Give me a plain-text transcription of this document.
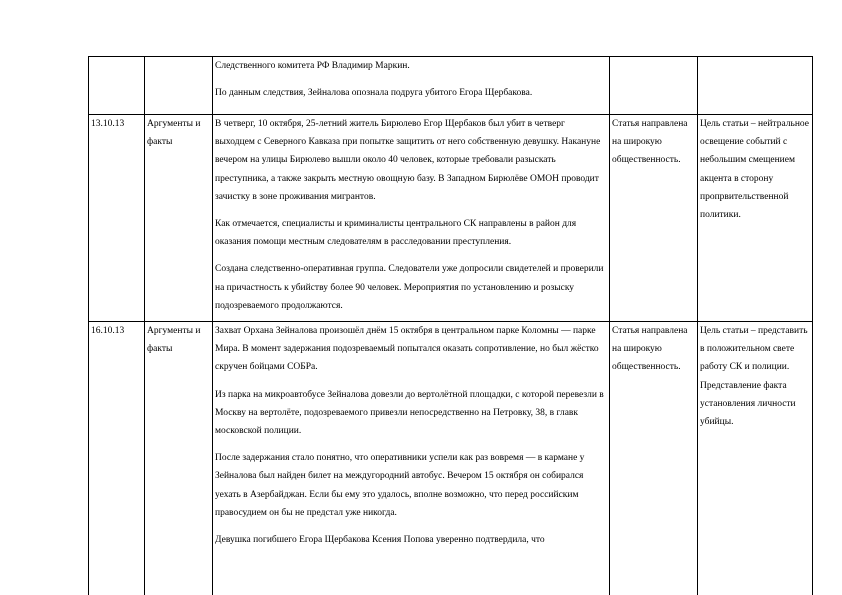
		Следственного комитета РФ Владимир Маркин.

По данным следствия, Зейналова опознала подруга убитого Егора Щербакова.		

13.10.13	Аргументы и факты	В четверг, 10 октября, 25-летний житель Бирюлево Егор Щербаков был убит в четверг выходцем с Северного Кавказа при попытке защитить от него собственную девушку. Накануне вечером на улицы Бирюлево вышли около 40 человек, которые требовали разыскать преступника, а также закрыть местную овощную базу. В Западном Бирюлёве ОМОН проводит зачистку в зоне проживания мигрантов.

Как отмечается, специалисты и криминалисты центрального СК направлены в район для оказания помощи местным следователям в расследовании преступления.

Создана следственно-оперативная группа. Следователи уже допросили свидетелей и проверили на причастность к убийству более 90 человек. Мероприятия по установлению и розыску подозреваемого продолжаются.	Статья направлена на широкую общественность.	Цель статьи – нейтральное освещение событий с небольшим смещением акцента в сторону пропрвительственной политики.
16.10.13	Аргументы и факты	Захват Орхана Зейналова произошёл днём 15 октября в центральном парке Коломны — парке Мира. В момент задержания подозреваемый попытался оказать сопротивление, но был жёстко скручен бойцами СОБРа.

Из парка на микроавтобусе Зейналова довезли до вертолётной площадки, с которой перевезли в Москву на вертолёте, подозреваемого привезли непосредственно на Петровку, 38, в главк московской полиции.

После задержания стало понятно, что оперативники успели как раз вовремя — в кармане у Зейналова был найден билет на междугородний автобус. Вечером 15 октября он собирался уехать в Азербайджан. Если бы ему это удалось, вполне возможно, что перед российским правосудием он бы не предстал уже никогда.

Девушка погибшего Егора Щербакова Ксения Попова уверенно подтвердила, что	Статья направлена на широкую общественность.	Цель статьи – представить в положительном свете работу СК и полиции. Представление факта установления личности убийцы.
